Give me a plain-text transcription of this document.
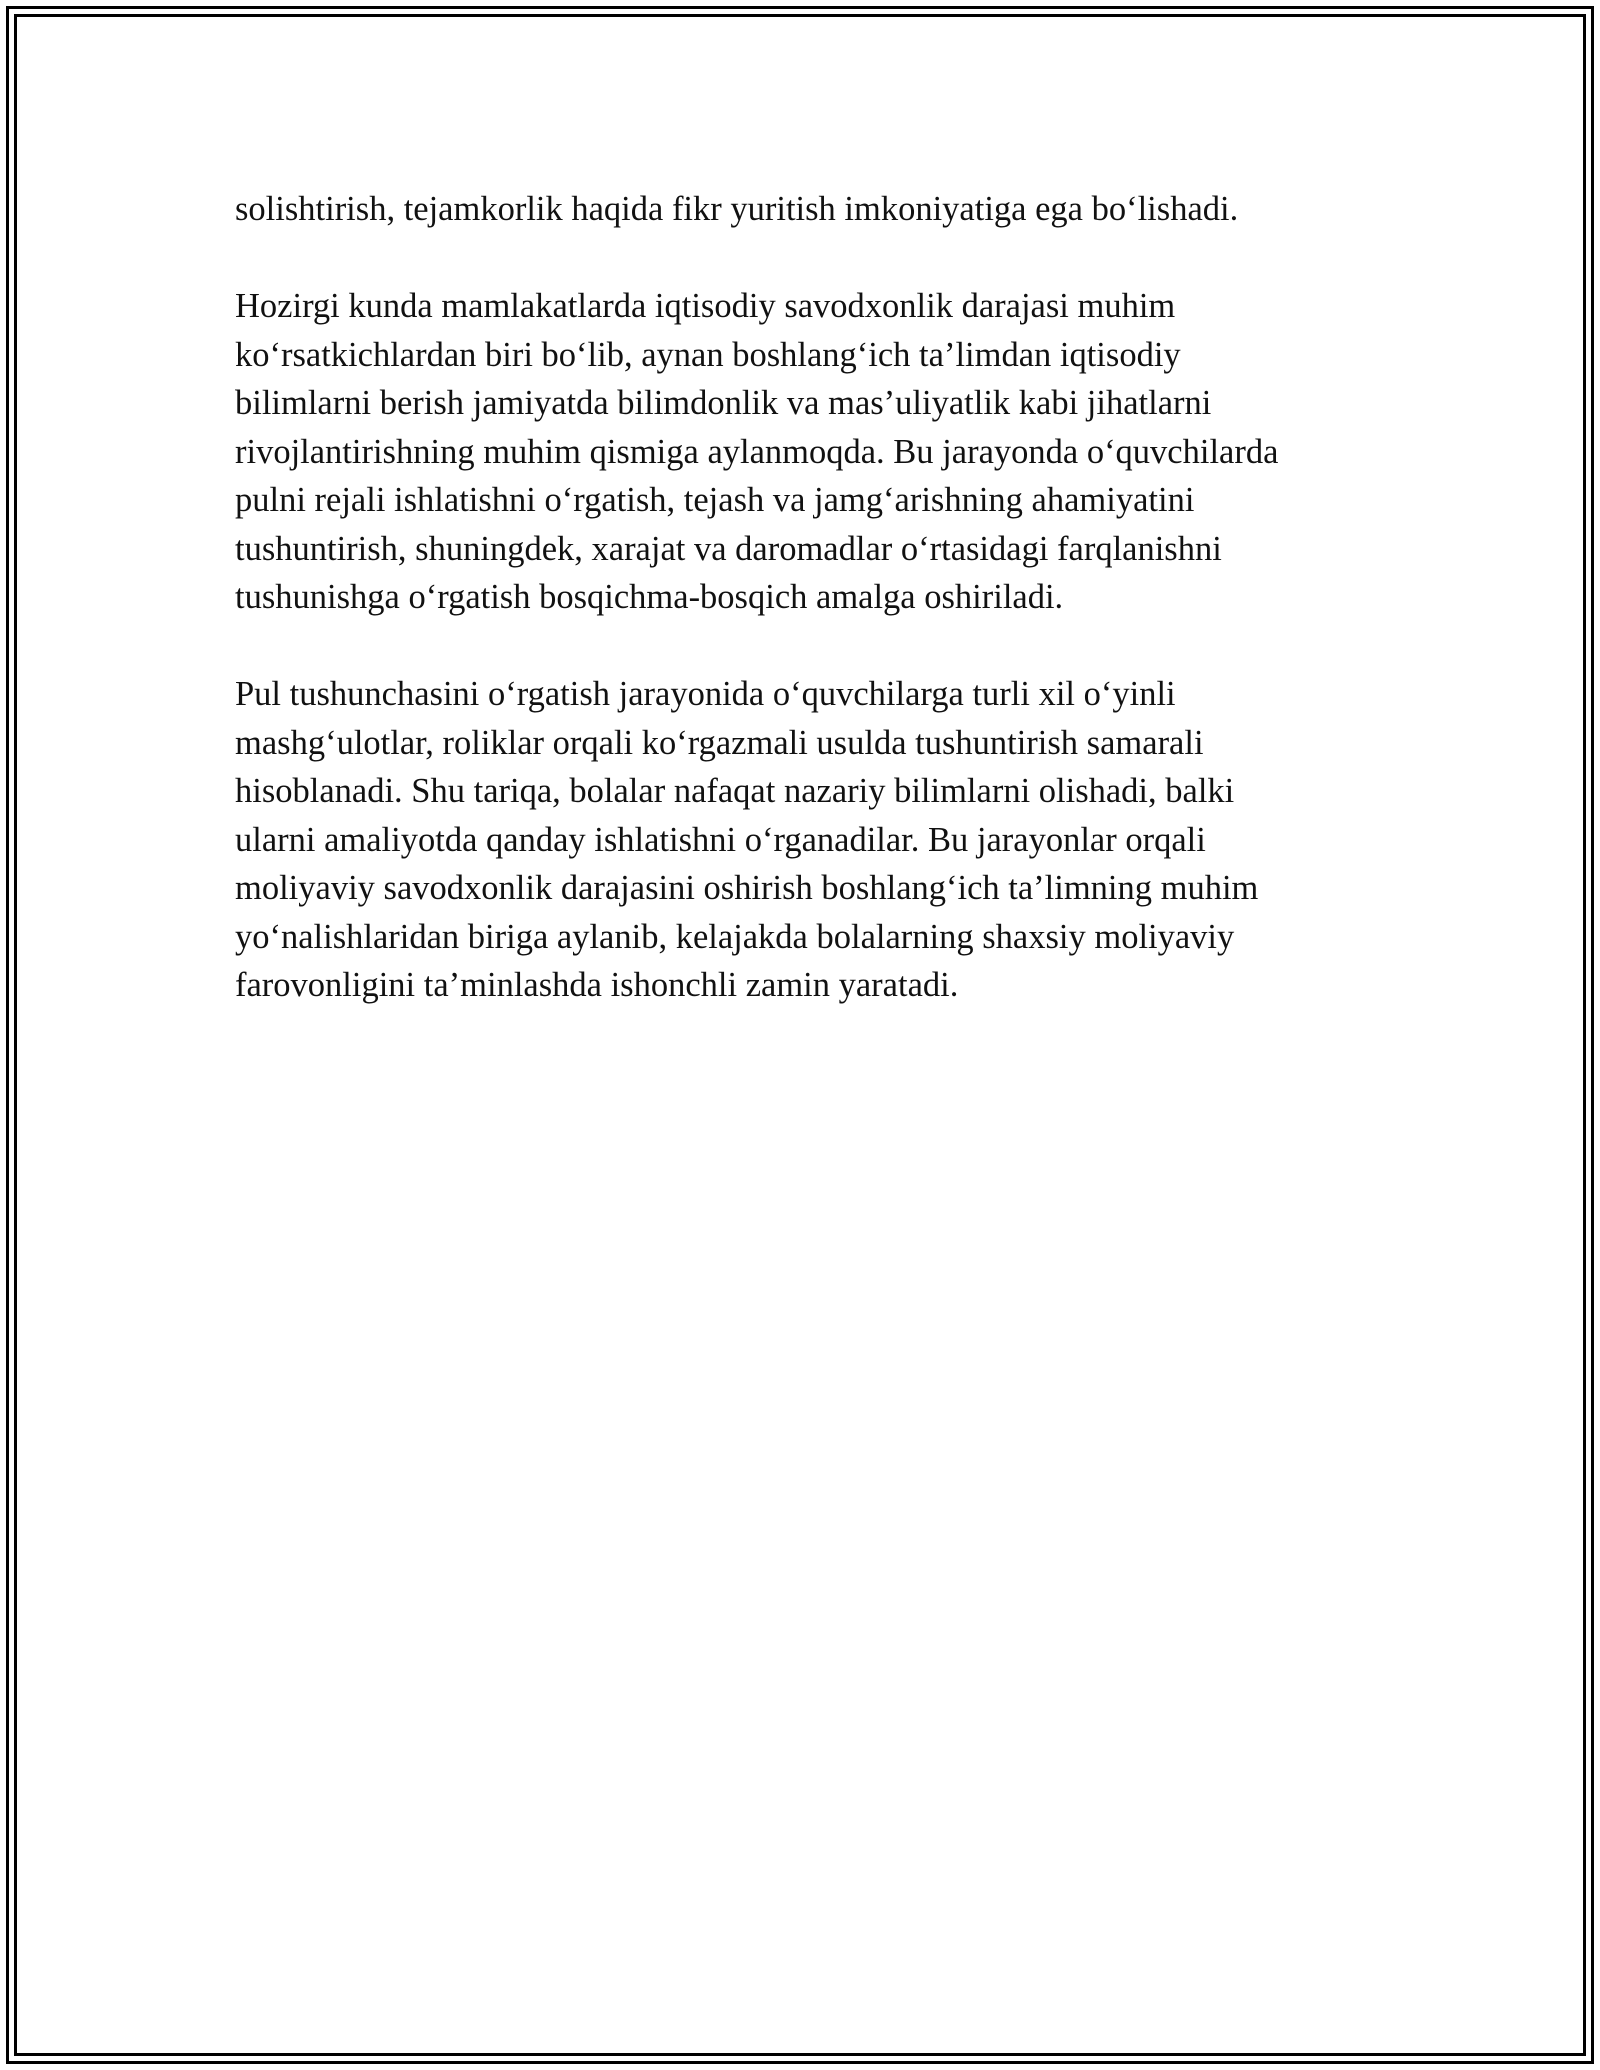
solishtirish, tejamkorlik haqida fikr yuritish imkoniyatiga ega bo‘lishadi.

Hozirgi kunda mamlakatlarda iqtisodiy savodxonlik darajasi muhim
ko‘rsatkichlardan biri bo‘lib, aynan boshlang‘ich ta’limdan iqtisodiy
bilimlarni berish jamiyatda bilimdonlik va mas’uliyatlik kabi jihatlarni
rivojlantirishning muhim qismiga aylanmoqda. Bu jarayonda o‘quvchilarda
pulni rejali ishlatishni o‘rgatish, tejash va jamg‘arishning ahamiyatini
tushuntirish, shuningdek, xarajat va daromadlar o‘rtasidagi farqlanishni
tushunishga o‘rgatish bosqichma-bosqich amalga oshiriladi.

Pul tushunchasini o‘rgatish jarayonida o‘quvchilarga turli xil o‘yinli
mashg‘ulotlar, roliklar orqali ko‘rgazmali usulda tushuntirish samarali
hisoblanadi. Shu tariqa, bolalar nafaqat nazariy bilimlarni olishadi, balki
ularni amaliyotda qanday ishlatishni o‘rganadilar. Bu jarayonlar orqali
moliyaviy savodxonlik darajasini oshirish boshlang‘ich ta’limning muhim
yo‘nalishlaridan biriga aylanib, kelajakda bolalarning shaxsiy moliyaviy
farovonligini ta’minlashda ishonchli zamin yaratadi.
